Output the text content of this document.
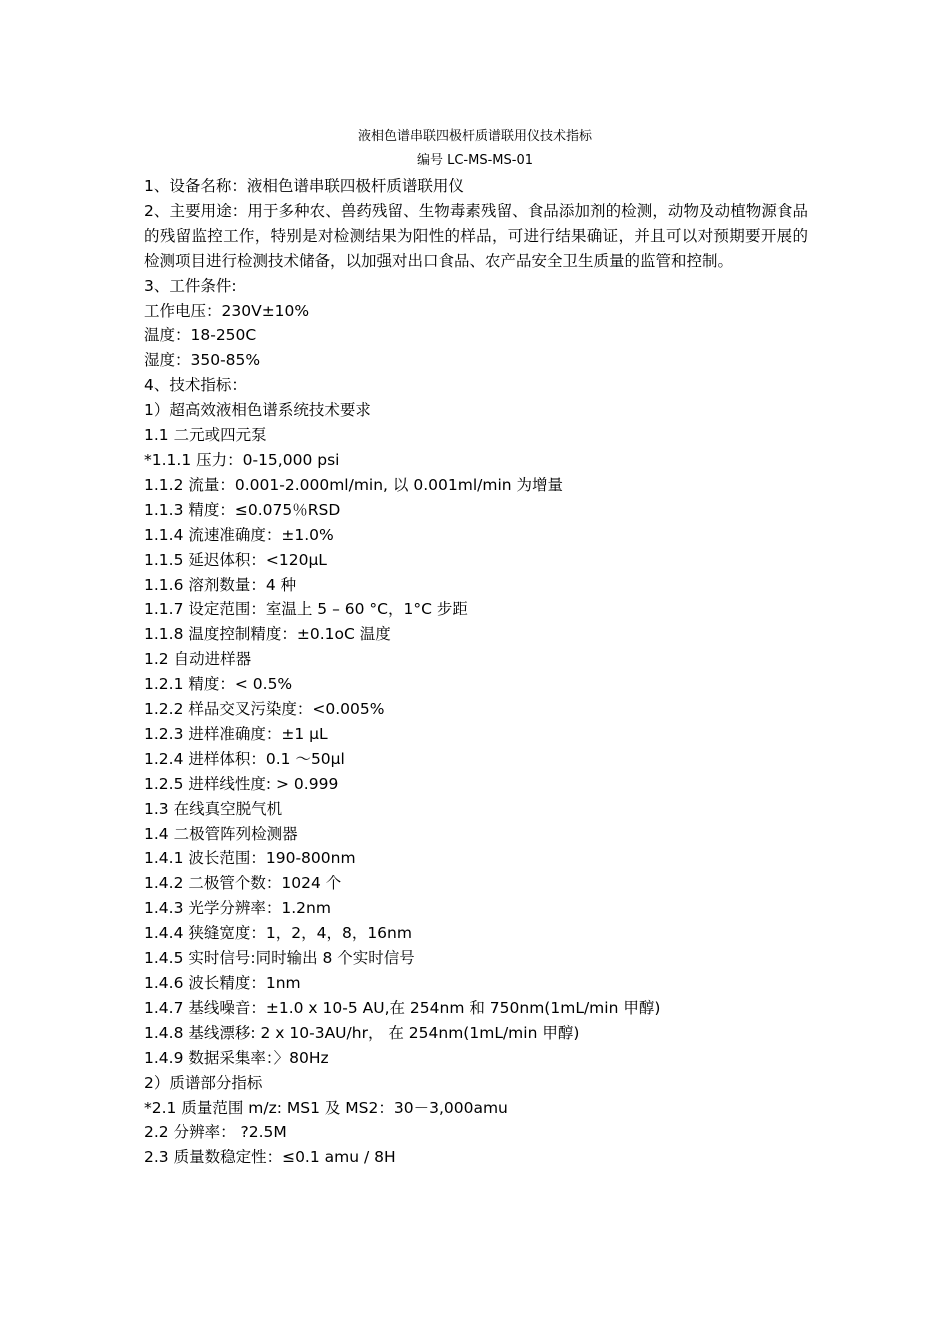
液相色谱串联四极杆质谱联用仪技术指标
编号 LC-MS-MS-01
1、设备名称：液相色谱串联四极杆质谱联用仪
2、主要用途：用于多种农、兽药残留、生物毒素残留、食品添加剂的检测，动物及动植物源食品的残留监控工作，特别是对检测结果为阳性的样品，可进行结果确证，并且可以对预期要开展的检测项目进行检测技术储备，以加强对出口食品、农产品安全卫生质量的监管和控制。
3、工件条件:
工作电压：230V±10%
温度：18-250C
湿度：350-85%
4、技术指标：
1）超高效液相色谱系统技术要求
1.1 二元或四元泵
*1.1.1 压力：0-15,000 psi
1.1.2 流量：0.001-2.000ml/min, 以 0.001ml/min 为增量
1.1.3 精度：≤0.075％RSD
1.1.4 流速准确度：±1.0%
1.1.5 延迟体积：<120μL
1.1.6 溶剂数量：4 种
1.1.7 设定范围：室温上 5 – 60 °C，1°C 步距
1.1.8 温度控制精度：±0.1oC 温度
1.2 自动进样器
1.2.1 精度：< 0.5%
1.2.2 样品交叉污染度：<0.005%
1.2.3 进样准确度：±1 μL
1.2.4 进样体积：0.1 ～50μl
1.2.5 进样线性度: > 0.999
1.3 在线真空脱气机
1.4 二极管阵列检测器
1.4.1 波长范围：190-800nm
1.4.2 二极管个数：1024 个
1.4.3 光学分辨率：1.2nm
1.4.4 狭缝宽度：1，2，4，8，16nm
1.4.5 实时信号:同时输出 8 个实时信号
1.4.6 波长精度：1nm
1.4.7 基线噪音：±1.0 x 10-5 AU,在 254nm 和 750nm(1mL/min 甲醇)
1.4.8 基线漂移: 2 x 10-3AU/hr， 在 254nm(1mL/min 甲醇)
1.4.9 数据采集率：〉80Hz
2）质谱部分指标
*2.1 质量范围 m/z: MS1 及 MS2：30－3,000amu
2.2 分辨率： ?2.5M
2.3 质量数稳定性：≤0.1 amu / 8H
